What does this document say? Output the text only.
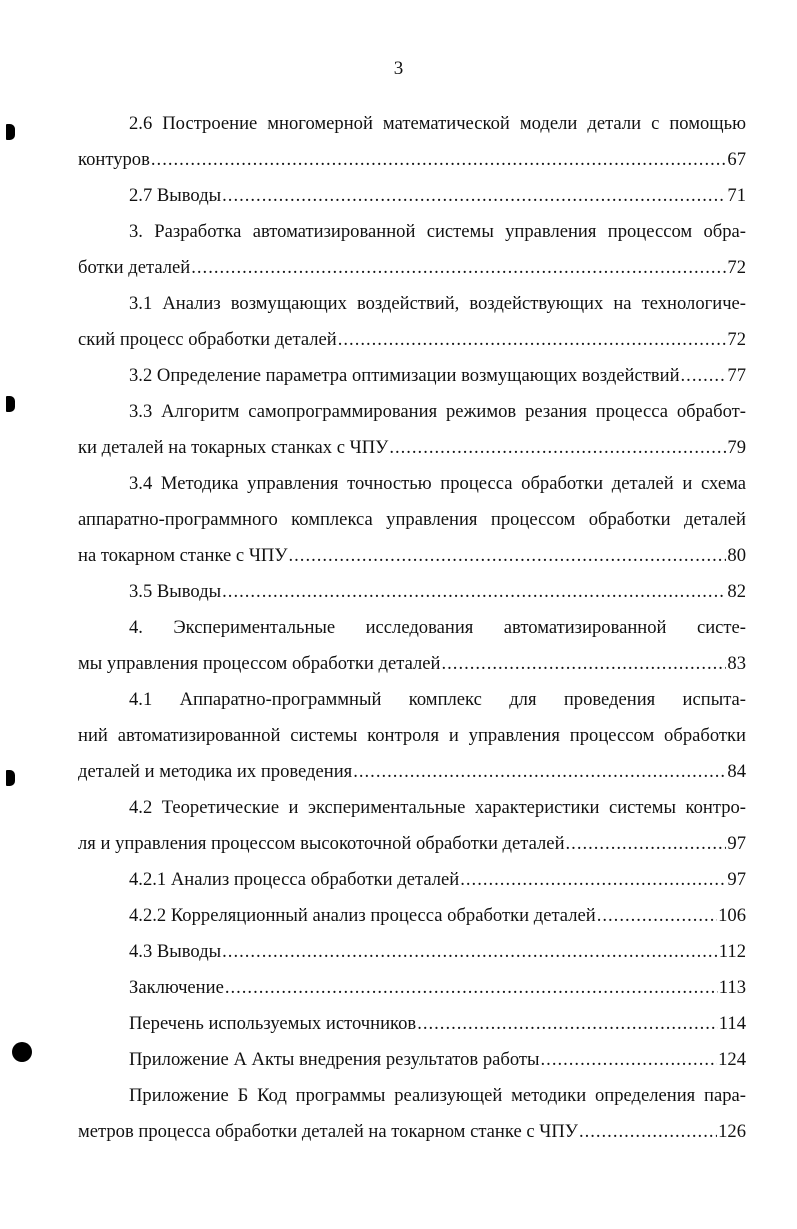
3
2.6 Построение многомерной математической модели детали с помощью
контуров .....	67
2.7 Выводы .....	71
3. Разработка автоматизированной системы управления процессом обра-
ботки деталей .....	72
3.1 Анализ возмущающих воздействий, воздействующих на технологиче-
ский процесс обработки деталей .....	72
3.2 Определение параметра оптимизации возмущающих воздействий .....	77
3.3 Алгоритм самопрограммирования режимов резания процесса обработ-
ки деталей на токарных станках с ЧПУ .....	79
3.4 Методика управления точностью процесса обработки деталей и схема
аппаратно-программного комплекса управления процессом обработки деталей
на токарном станке с ЧПУ .....	80
3.5 Выводы .....	82
4. Экспериментальные исследования автоматизированной систе-
мы управления процессом обработки деталей .....	83
4.1 Аппаратно-программный комплекс для проведения испыта-
ний автоматизированной системы контроля и управления процессом обработки
деталей и методика их проведения .....	84
4.2 Теоретические и экспериментальные характеристики системы контро-
ля и управления процессом высокоточной обработки деталей .....	97
4.2.1 Анализ процесса обработки деталей .....	97
4.2.2 Корреляционный анализ процесса обработки деталей .....	106
4.3 Выводы .....	112
Заключение .....	113
Перечень используемых источников .....	114
Приложение А Акты внедрения результатов работы .....	124
Приложение Б Код программы реализующей методики определения пара-
метров процесса обработки деталей на токарном станке с ЧПУ .....	126
